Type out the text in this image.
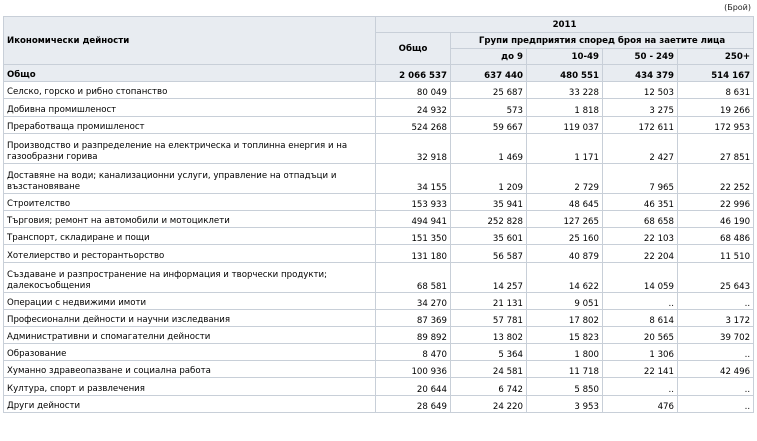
(Брой)
Икономически дейности	2011				
	Общо	Групи предприятия според броя на заетите лица			
		до 9	10-49	50 - 249	250+
Общо	2 066 537	637 440	480 551	434 379	514 167
Селско, горско и рибно стопанство	80 049	25 687	33 228	12 503	8 631
Добивна промишленост	24 932	573	1 818	3 275	19 266
Преработваща промишленост	524 268	59 667	119 037	172 611	172 953
Производство и разпределение на електрическа и топлинна енергия и на газообразни горива	32 918	1 469	1 171	2 427	27 851
Доставяне на води; канализационни услуги, управление на отпадъци и възстановяване	34 155	1 209	2 729	7 965	22 252
Строителство	153 933	35 941	48 645	46 351	22 996
Търговия; ремонт на автомобили и мотоциклети	494 941	252 828	127 265	68 658	46 190
Транспорт, складиране и пощи	151 350	35 601	25 160	22 103	68 486
Хотелиерство и ресторантьорство	131 180	56 587	40 879	22 204	11 510
Създаване и разпространение на информация и творчески продукти; далекосъобщения	68 581	14 257	14 622	14 059	25 643
Операции с недвижими имоти	34 270	21 131	9 051	..	..
Професионални дейности и научни изследвания	87 369	57 781	17 802	8 614	3 172
Административни и спомагателни дейности	89 892	13 802	15 823	20 565	39 702
Образование	8 470	5 364	1 800	1 306	..
Хуманно здравеопазване и социална работа	100 936	24 581	11 718	22 141	42 496
Култура, спорт и развлечения	20 644	6 742	5 850	..	..
Други дейности	28 649	24 220	3 953	476	..
